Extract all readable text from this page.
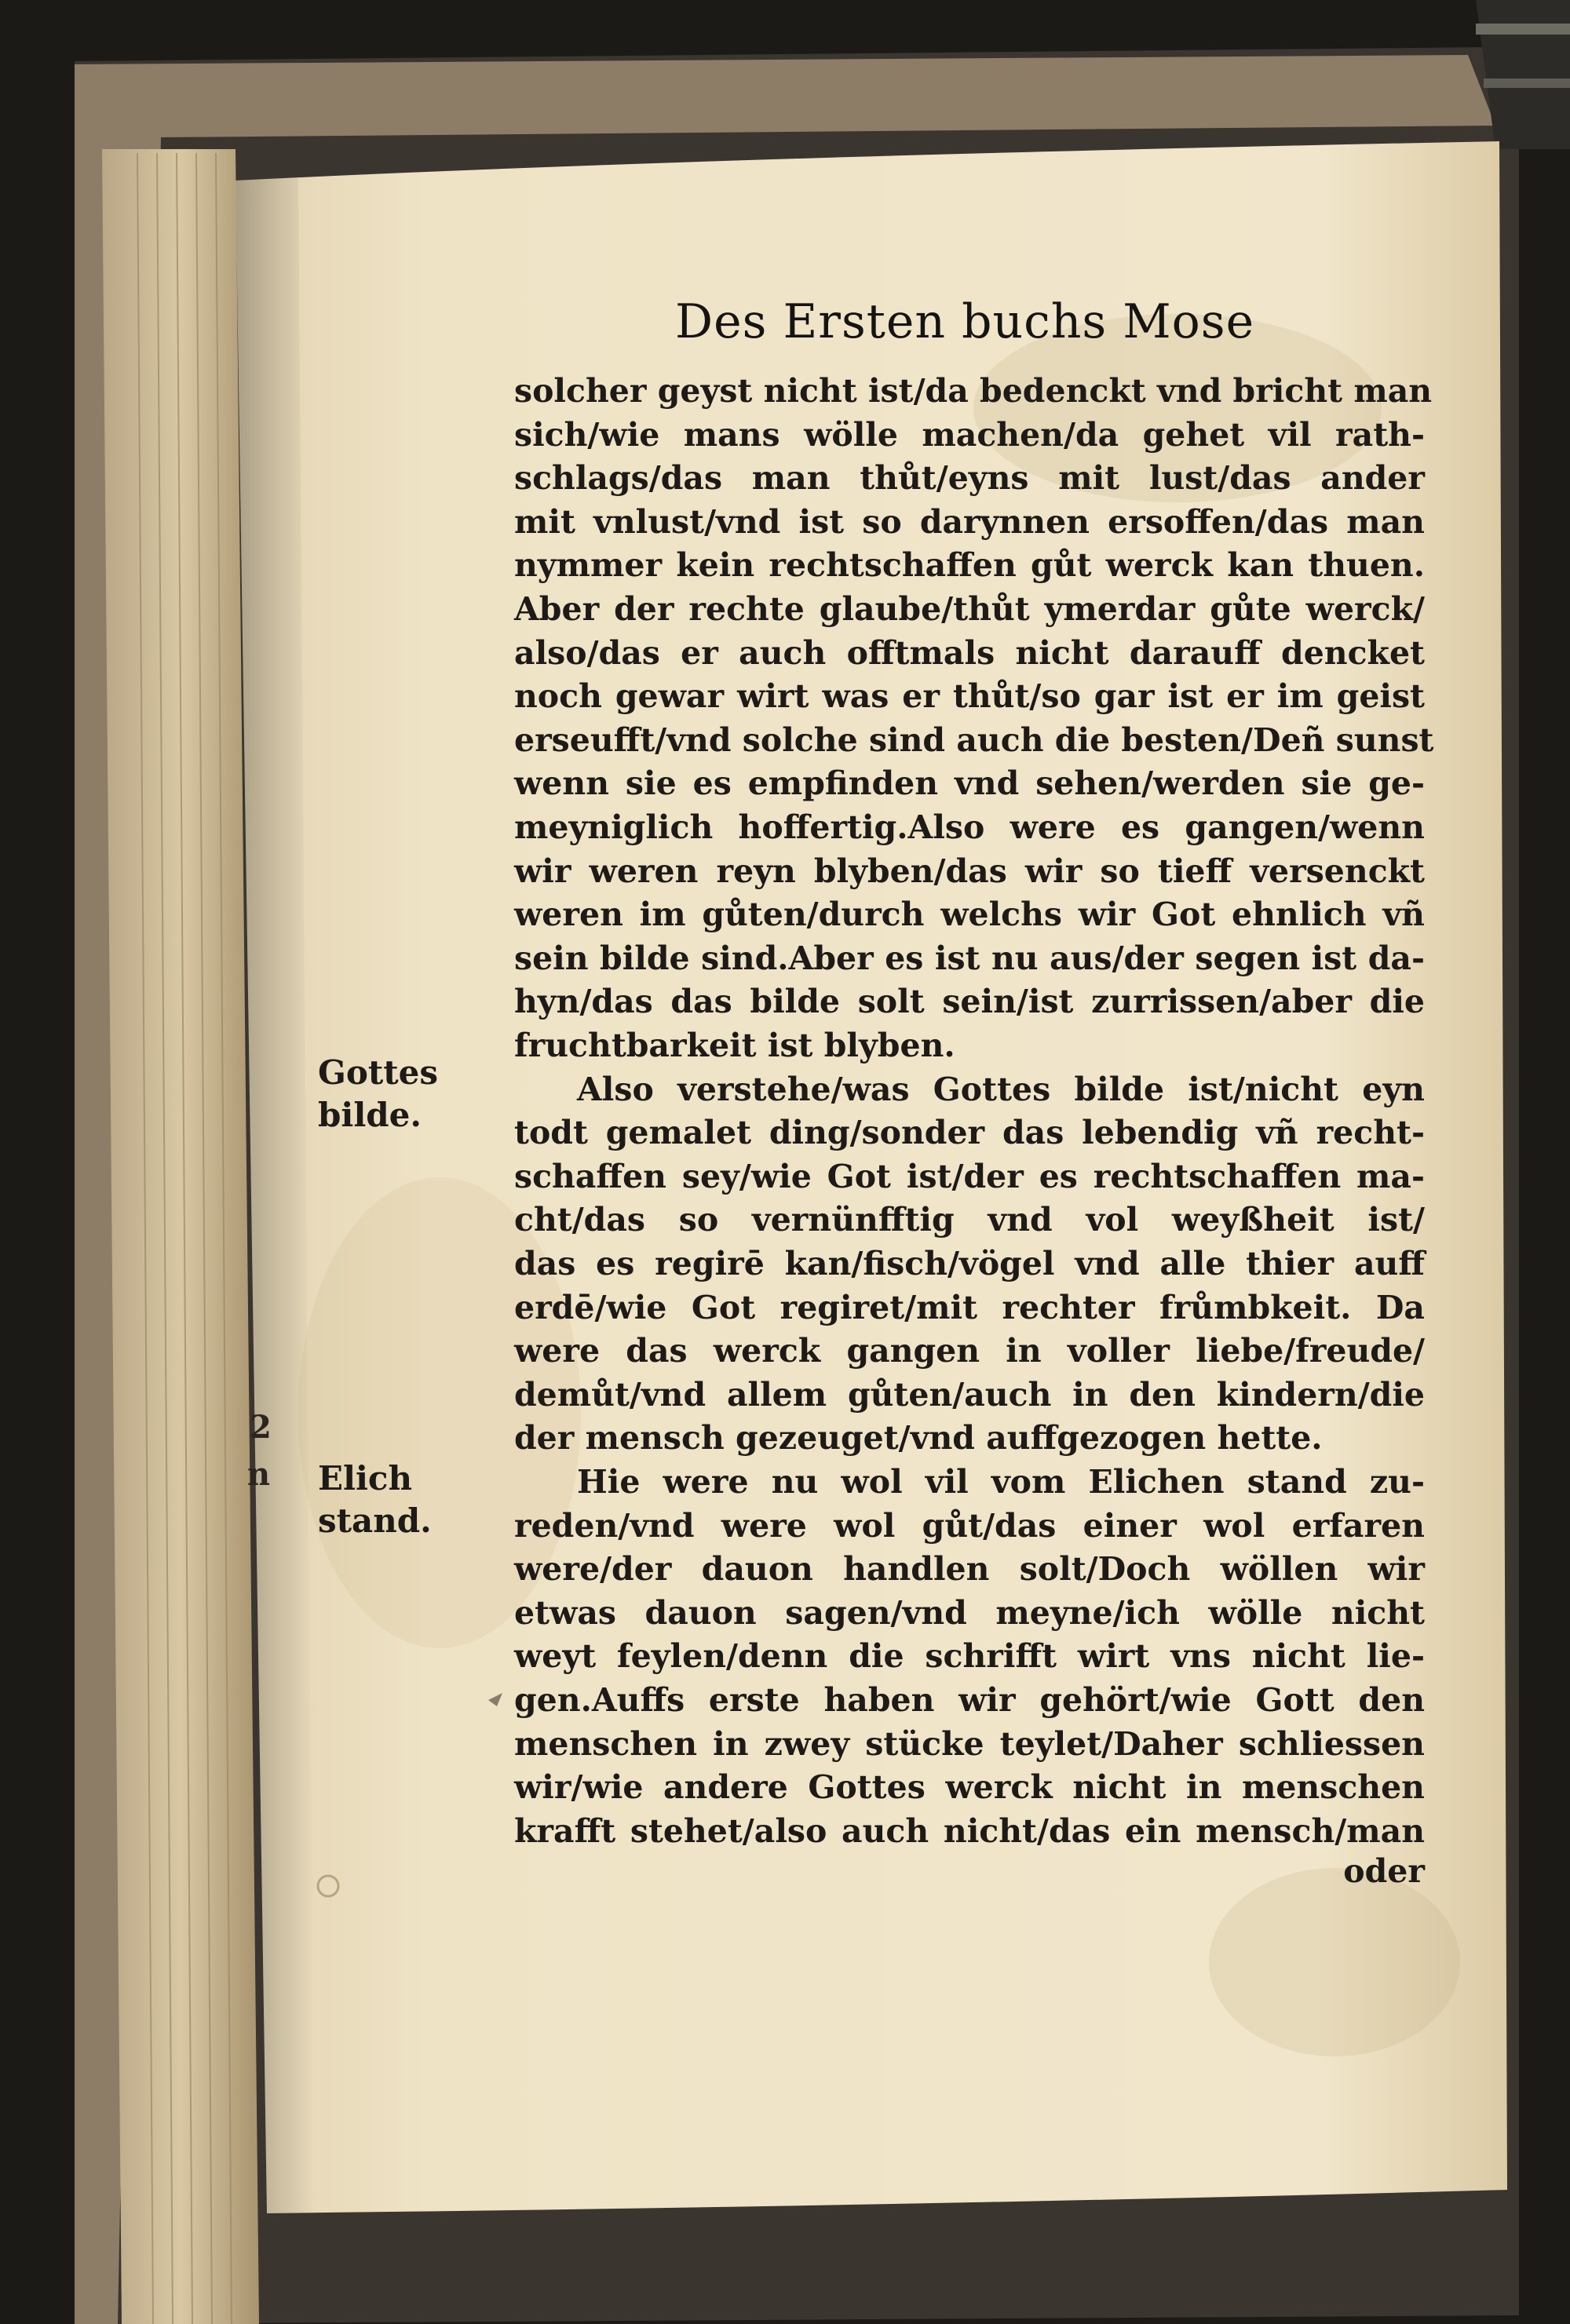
Des Ersten buchs Mose
solcher geyst nicht ist/da bedenckt vnd bricht man
sich/wie mans wölle machen/da gehet vil rath-
schlags/das man thůt/eyns mit lust/das ander
mit vnlust/vnd ist so darynnen ersoffen/das man
nymmer kein rechtschaffen gůt werck kan thuen.
Aber der rechte glaube/thůt ymerdar gůte werck/
also/das er auch offtmals nicht darauff dencket
noch gewar wirt was er thůt/so gar ist er im geist
erseufft/vnd solche sind auch die besten/Deñ sunst
wenn sie es empfinden vnd sehen/werden sie ge-
meyniglich hoffertig.Also were es gangen/wenn
wir weren reyn blyben/das wir so tieff versenckt
weren im gůten/durch welchs wir Got ehnlich vñ
sein bilde sind.Aber es ist nu aus/der segen ist da-
hyn/das das bilde solt sein/ist zurrissen/aber die
fruchtbarkeit ist blyben.
Also verstehe/was Gottes bilde ist/nicht eyn
todt gemalet ding/sonder das lebendig vñ recht-
schaffen sey/wie Got ist/der es rechtschaffen ma-
cht/das so vernünfftig vnd vol weyßheit ist/
das es regirē kan/fisch/vögel vnd alle thier auff
erdē/wie Got regiret/mit rechter frůmbkeit. Da
were das werck gangen in voller liebe/freude/
demůt/vnd allem gůten/auch in den kindern/die
der mensch gezeuget/vnd auffgezogen hette.
Hie were nu wol vil vom Elichen stand zu-
reden/vnd were wol gůt/das einer wol erfaren
were/der dauon handlen solt/Doch wöllen wir
etwas dauon sagen/vnd meyne/ich wölle nicht
weyt feylen/denn die schrifft wirt vns nicht lie-
gen.Auffs erste haben wir gehört/wie Gott den
menschen in zwey stücke teylet/Daher schliessen
wir/wie andere Gottes werck nicht in menschen
krafft stehet/also auch nicht/das ein mensch/man
Gottes
bilde.
Elich
stand.
2
n
oder
